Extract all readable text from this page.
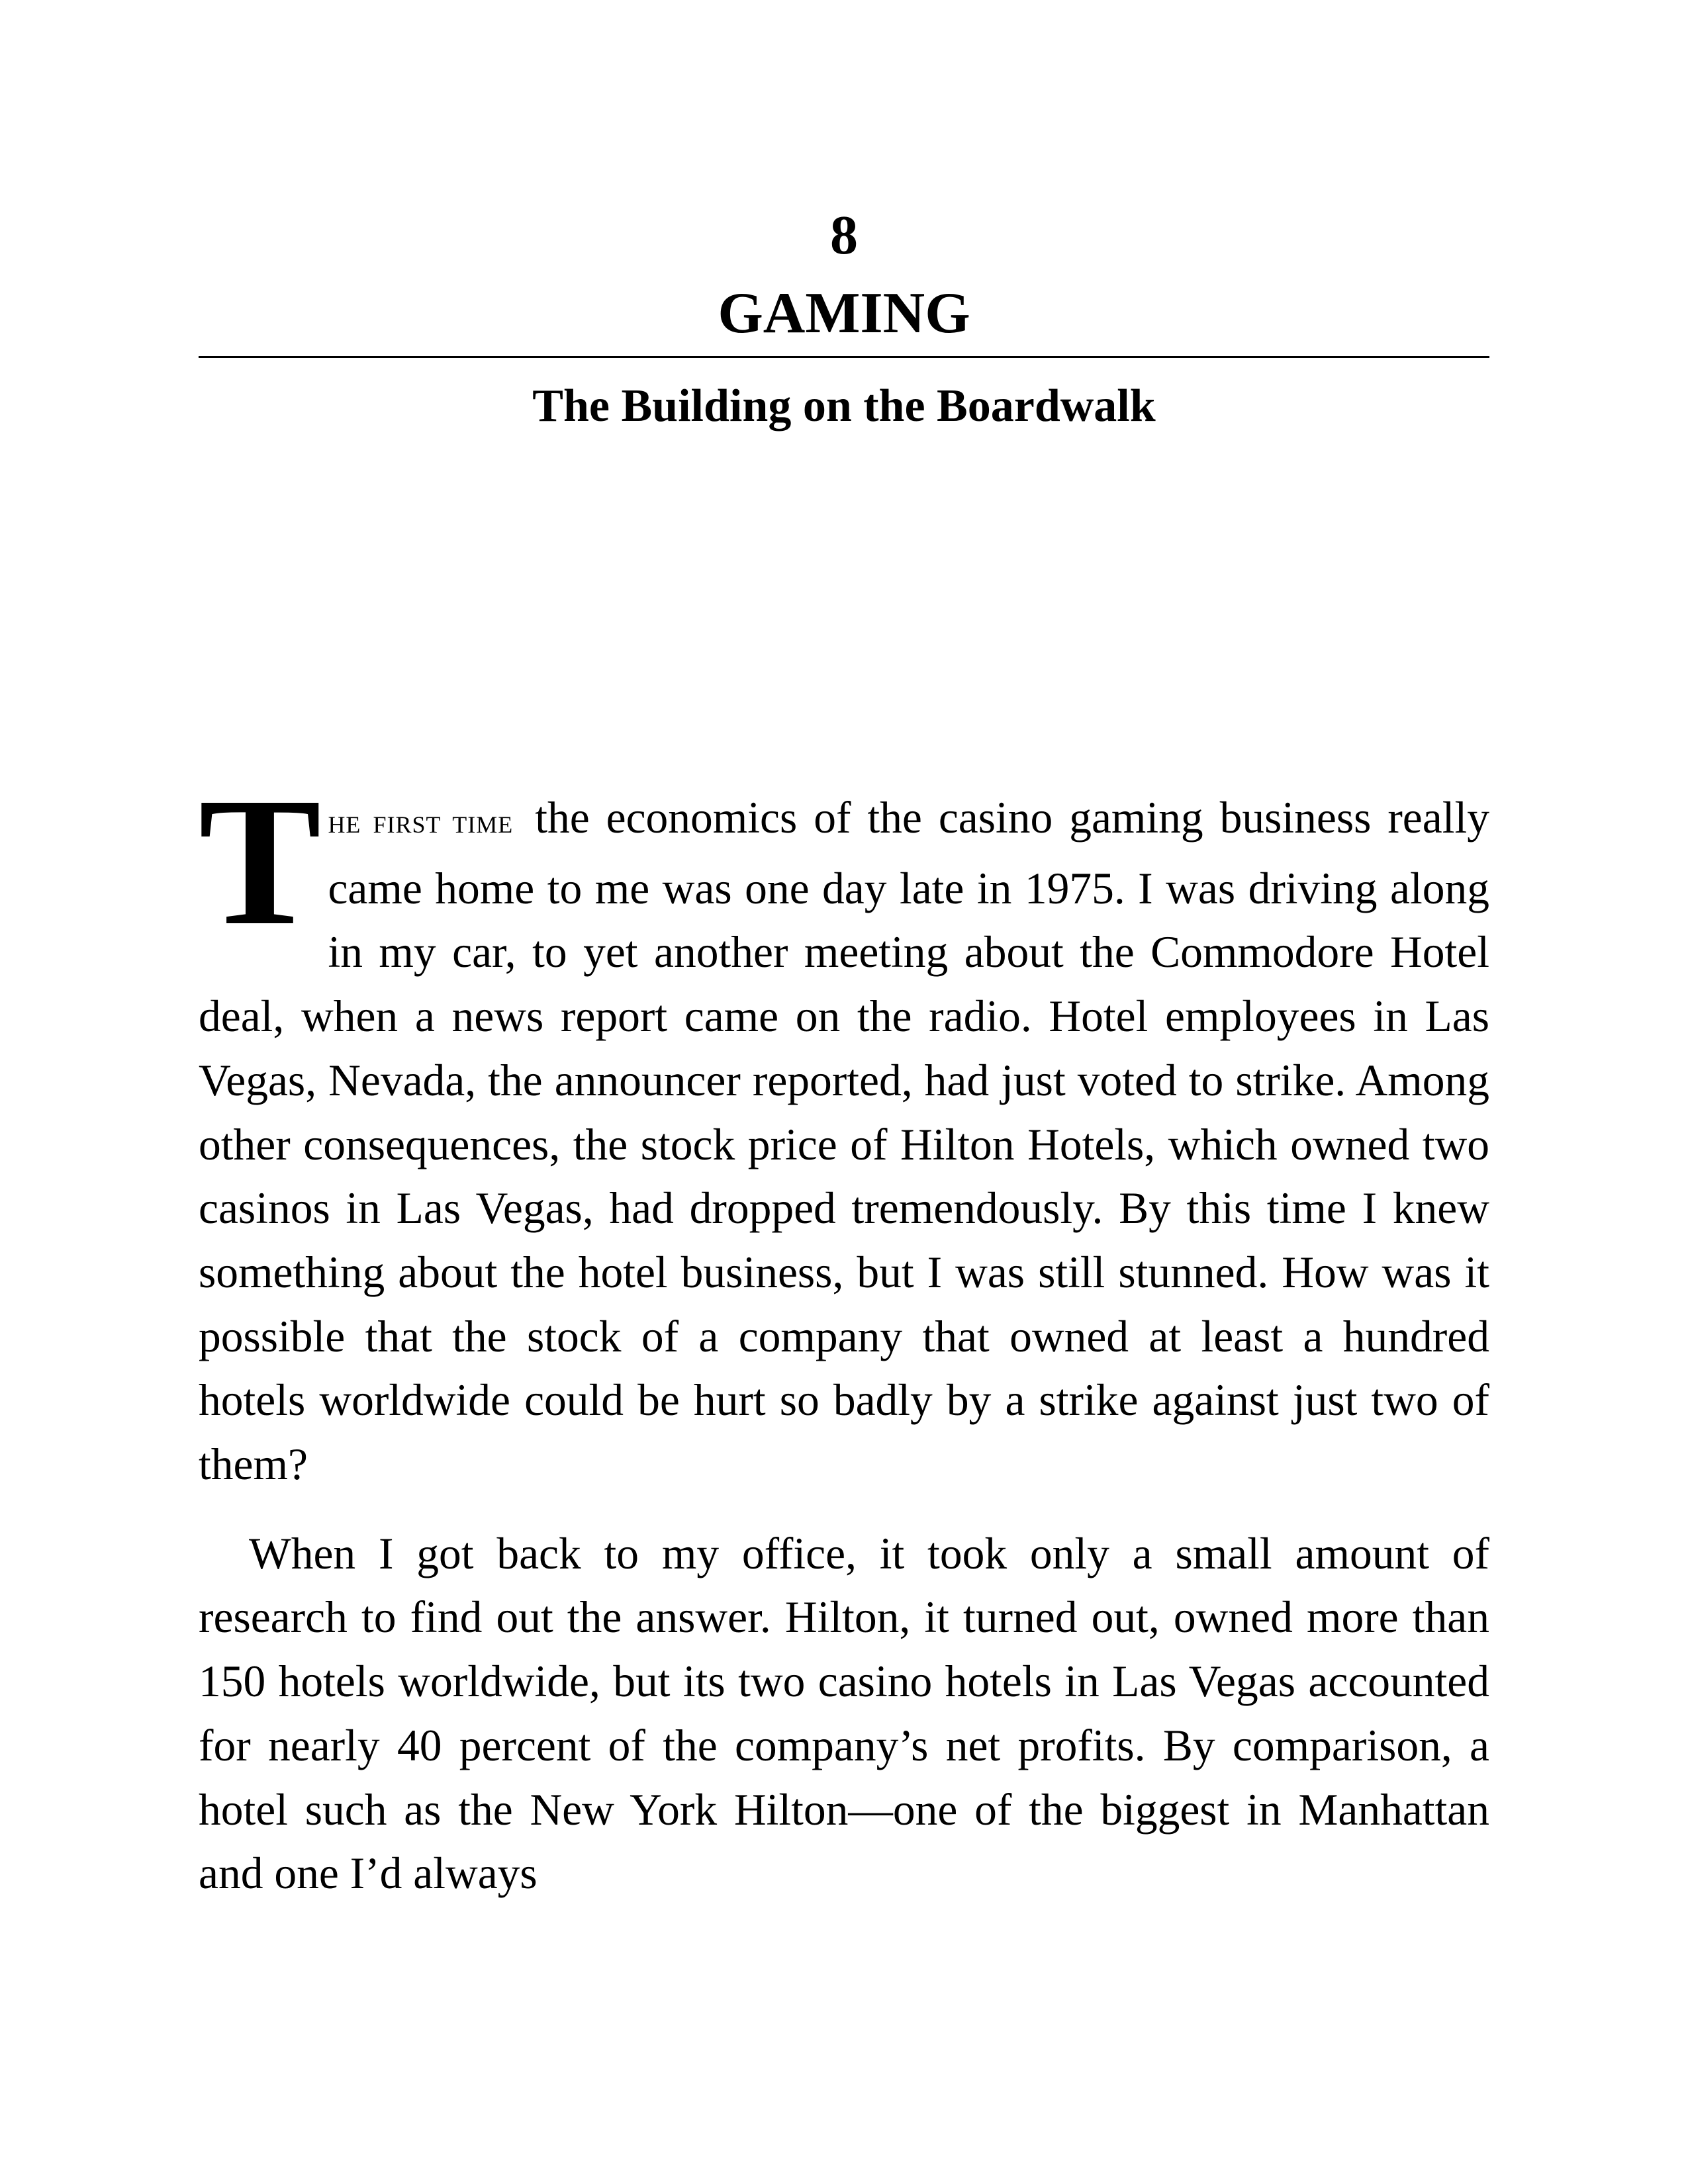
8
GAMING
The Building on the Boardwalk

THE FIRST TIME the economics of the casino gaming business really came home to me was one day late in 1975. I was driving along in my car, to yet another meeting about the Commodore Hotel deal, when a news report came on the radio. Hotel employees in Las Vegas, Nevada, the announcer reported, had just voted to strike. Among other consequences, the stock price of Hilton Hotels, which owned two casinos in Las Vegas, had dropped tremendously. By this time I knew something about the hotel business, but I was still stunned. How was it possible that the stock of a company that owned at least a hundred hotels worldwide could be hurt so badly by a strike against just two of them?

When I got back to my office, it took only a small amount of research to find out the answer. Hilton, it turned out, owned more than 150 hotels worldwide, but its two casino hotels in Las Vegas accounted for nearly 40 percent of the company’s net profits. By comparison, a hotel such as the New York Hilton—one of the biggest in Manhattan and one I’d always
